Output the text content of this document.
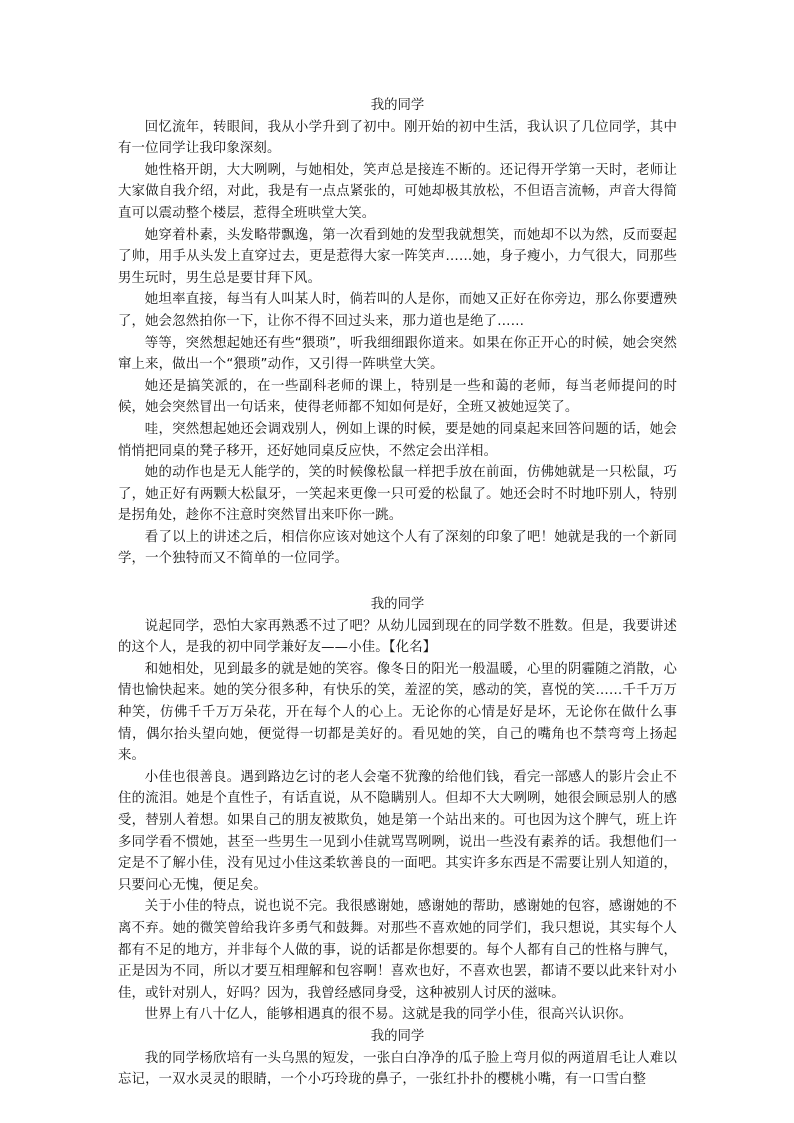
我的同学

回忆流年，转眼间，我从小学升到了初中。刚开始的初中生活，我认识了几位同学，其中有一位同学让我印象深刻。

她性格开朗，大大咧咧，与她相处，笑声总是接连不断的。还记得开学第一天时，老师让大家做自我介绍，对此，我是有一点点紧张的，可她却极其放松，不但语言流畅，声音大得简直可以震动整个楼层，惹得全班哄堂大笑。

她穿着朴素，头发略带飘逸，第一次看到她的发型我就想笑，而她却不以为然，反而耍起了帅，用手从头发上直穿过去，更是惹得大家一阵笑声……她，身子瘦小，力气很大，同那些男生玩时，男生总是要甘拜下风。

她坦率直接，每当有人叫某人时，倘若叫的人是你，而她又正好在你旁边，那么你要遭殃了，她会忽然拍你一下，让你不得不回过头来，那力道也是绝了……

等等，突然想起她还有些“猥琐”，听我细细跟你道来。如果在你正开心的时候，她会突然窜上来，做出一个“猥琐”动作，又引得一阵哄堂大笑。

她还是搞笑派的，在一些副科老师的课上，特别是一些和蔼的老师，每当老师提问的时候，她会突然冒出一句话来，使得老师都不知如何是好，全班又被她逗笑了。

哇，突然想起她还会调戏别人，例如上课的时候，要是她的同桌起来回答问题的话，她会悄悄把同桌的凳子移开，还好她同桌反应快，不然定会出洋相。

她的动作也是无人能学的，笑的时候像松鼠一样把手放在前面，仿佛她就是一只松鼠，巧了，她正好有两颗大松鼠牙，一笑起来更像一只可爱的松鼠了。她还会时不时地吓别人，特别是拐角处，趁你不注意时突然冒出来吓你一跳。

看了以上的讲述之后，相信你应该对她这个人有了深刻的印象了吧！她就是我的一个新同学，一个独特而又不简单的一位同学。

我的同学

说起同学，恐怕大家再熟悉不过了吧？从幼儿园到现在的同学数不胜数。但是，我要讲述的这个人，是我的初中同学兼好友——小佳。【化名】

和她相处，见到最多的就是她的笑容。像冬日的阳光一般温暖，心里的阴霾随之消散，心情也愉快起来。她的笑分很多种，有快乐的笑，羞涩的笑，感动的笑，喜悦的笑……千千万万种笑，仿佛千千万万朵花，开在每个人的心上。无论你的心情是好是坏，无论你在做什么事情，偶尔抬头望向她，便觉得一切都是美好的。看见她的笑，自己的嘴角也不禁弯弯上扬起来。

小佳也很善良。遇到路边乞讨的老人会毫不犹豫的给他们钱，看完一部感人的影片会止不住的流泪。她是个直性子，有话直说，从不隐瞒别人。但却不大大咧咧，她很会顾忌别人的感受，替别人着想。如果自己的朋友被欺负，她是第一个站出来的。可也因为这个脾气，班上许多同学看不惯她，甚至一些男生一见到小佳就骂骂咧咧，说出一些没有素养的话。我想他们一定是不了解小佳，没有见过小佳这柔软善良的一面吧。其实许多东西是不需要让别人知道的，只要问心无愧，便足矣。

关于小佳的特点，说也说不完。我很感谢她，感谢她的帮助，感谢她的包容，感谢她的不离不弃。她的微笑曾给我许多勇气和鼓舞。对那些不喜欢她的同学们，我只想说，其实每个人都有不足的地方，并非每个人做的事，说的话都是你想要的。每个人都有自己的性格与脾气，正是因为不同，所以才要互相理解和包容啊！喜欢也好，不喜欢也罢，都请不要以此来针对小佳，或针对别人，好吗？因为，我曾经感同身受，这种被别人讨厌的滋味。

世界上有八十亿人，能够相遇真的很不易。这就是我的同学小佳，很高兴认识你。

我的同学

我的同学杨欣培有一头乌黑的短发，一张白白净净的瓜子脸上弯月似的两道眉毛让人难以忘记，一双水灵灵的眼睛，一个小巧玲珑的鼻子，一张红扑扑的樱桃小嘴，有一口雪白整
